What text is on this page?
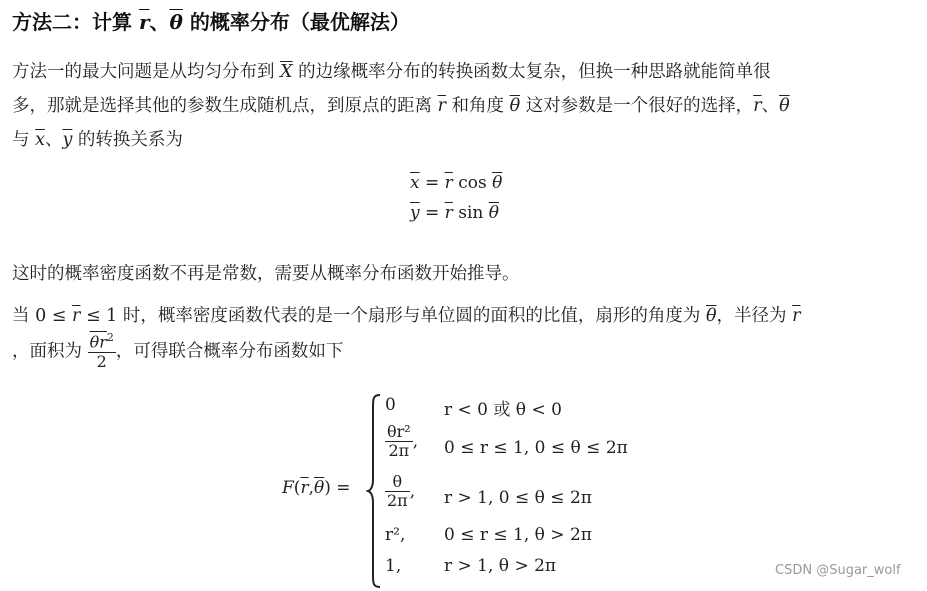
方法二：计算 r、θ 的概率分布（最优解法）
方法一的最大问题是从均匀分布到 $\overline{X}$ 的边缘概率分布的转换函数太复杂，但换一种思路就能简单很
多，那就是选择其他的参数生成随机点，到原点的距离 $\overline{r}$ 和角度 $\overline{\theta}$ 这对参数是一个很好的选择，$\overline{r}$、$\overline{\theta}$
与 $\overline{x}$、$\overline{y}$ 的转换关系为
$\overline{x} = \overline{r}$ $\cos \overline{\theta}$
$\overline{y} = \overline{r}$ $\sin \overline{\theta}$
这时的概率密度函数不再是常数，需要从概率分布函数开始推导。
当 $0 \le \overline{r} \le 1$ 时，概率密度函数代表的是一个扇形与单位圆的面积的比值，扇形的角度为 $\overline{\theta}$，半径为 $\overline{r}$
，面积为 $\frac{\overline{\theta}\overline{r}^2}{2}$ ，可得联合概率分布函数如下
$F(\overline{r},\overline{\theta})$ =
0	r < 0 或 θ < 0
$\frac{\text{θr²}}{2\pi}$ , 0 ≤ r ≤ 1, 0 ≤ θ ≤ 2π
$\frac{\theta}{2\pi}$ , r > 1, 0 ≤ θ ≤ 2π
r², 0 ≤ r ≤ 1, θ > 2π
1,	r > 1, θ > 2π	CSDN @Sugar_wolf
